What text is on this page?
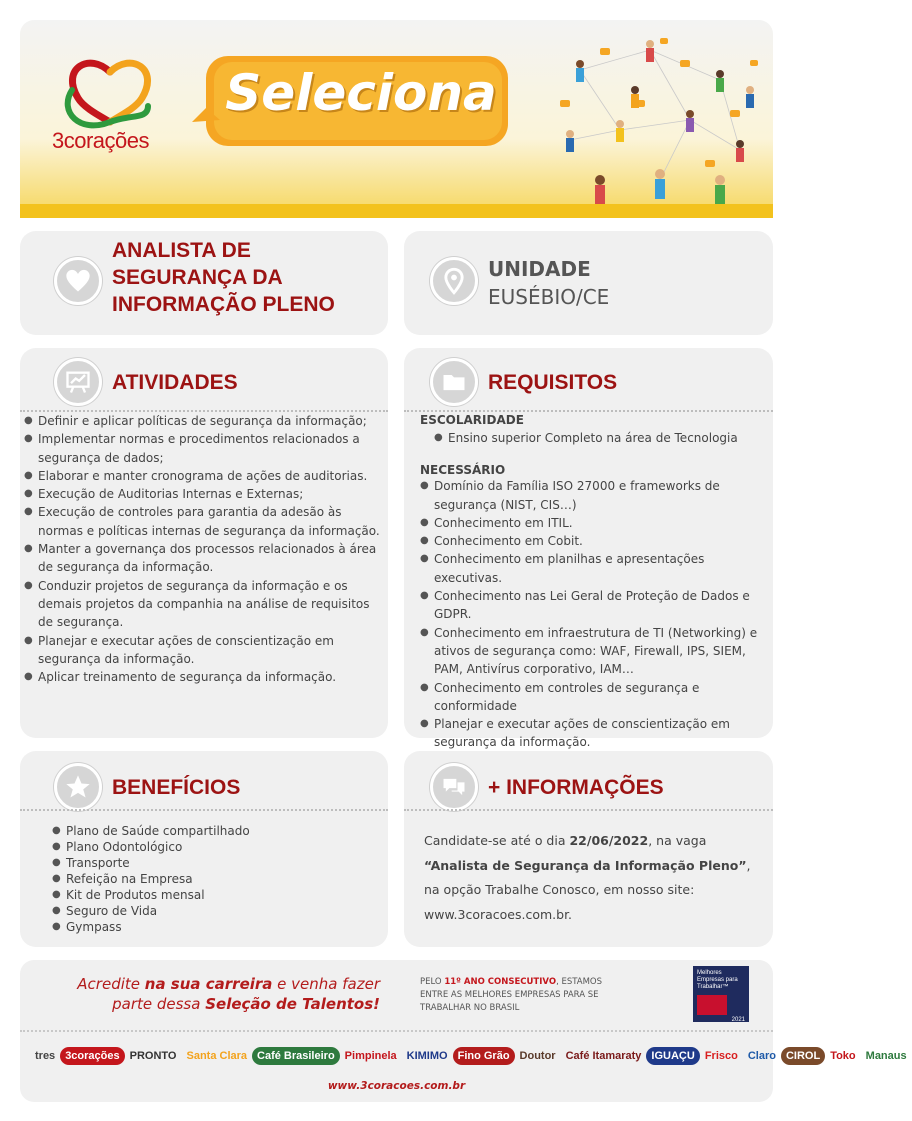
3corações
Seleciona
ANALISTA DE SEGURANÇA DA INFORMAÇÃO PLENO
UNIDADE
EUSÉBIO/CE
ATIVIDADES
● Definir e aplicar políticas de segurança da informação;
● Implementar normas e procedimentos relacionados a segurança de dados;
● Elaborar e manter cronograma de ações de auditorias.
● Execução de Auditorias Internas e Externas;
● Execução de controles para garantia da adesão às normas e políticas internas de segurança da informação.
● Manter a governança dos processos relacionados à área de segurança da informação.
● Conduzir projetos de segurança da informação e os demais projetos da companhia na análise de requisitos de segurança.
● Planejar e executar ações de conscientização em segurança da informação.
● Aplicar treinamento de segurança da informação.
REQUISITOS
ESCOLARIDADE
● Ensino superior Completo na área de Tecnologia
NECESSÁRIO
● Domínio da Família ISO 27000 e frameworks de segurança (NIST, CIS…)
● Conhecimento em ITIL.
● Conhecimento em Cobit.
● Conhecimento em planilhas e apresentações executivas.
● Conhecimento nas Lei Geral de Proteção de Dados e GDPR.
● Conhecimento em infraestrutura de TI (Networking) e ativos de segurança como: WAF, Firewall, IPS, SIEM, PAM, Antivírus corporativo, IAM…
● Conhecimento em controles de segurança e conformidade
● Planejar e executar ações de conscientização em segurança da informação.
●
BENEFÍCIOS
● Plano de Saúde compartilhado
● Plano Odontológico
● Transporte
● Refeição na Empresa
● Kit de Produtos mensal
● Seguro de Vida
● Gympass
+ INFORMAÇÕES
Candidate-se até o dia 22/06/2022, na vaga “Analista de Segurança da Informação Pleno”, na opção Trabalhe Conosco, em nosso site:
www.3coracoes.com.br.
Acredite na sua carreira e venha fazer parte dessa Seleção de Talentos!
PELO 11º ANO CONSECUTIVO, ESTAMOS ENTRE AS MELHORES EMPRESAS PARA SE TRABALHAR NO BRASIL
Melhores Empresas para Trabalhar™
2021
tres 3corações PRONTO Santa Clara Café Brasileiro Pimpinela KIMIMO Fino Grão Doutor Café Itamaraty IGUAÇU Frisco Claro CIROL Toko Manaus
www.3coracoes.com.br
